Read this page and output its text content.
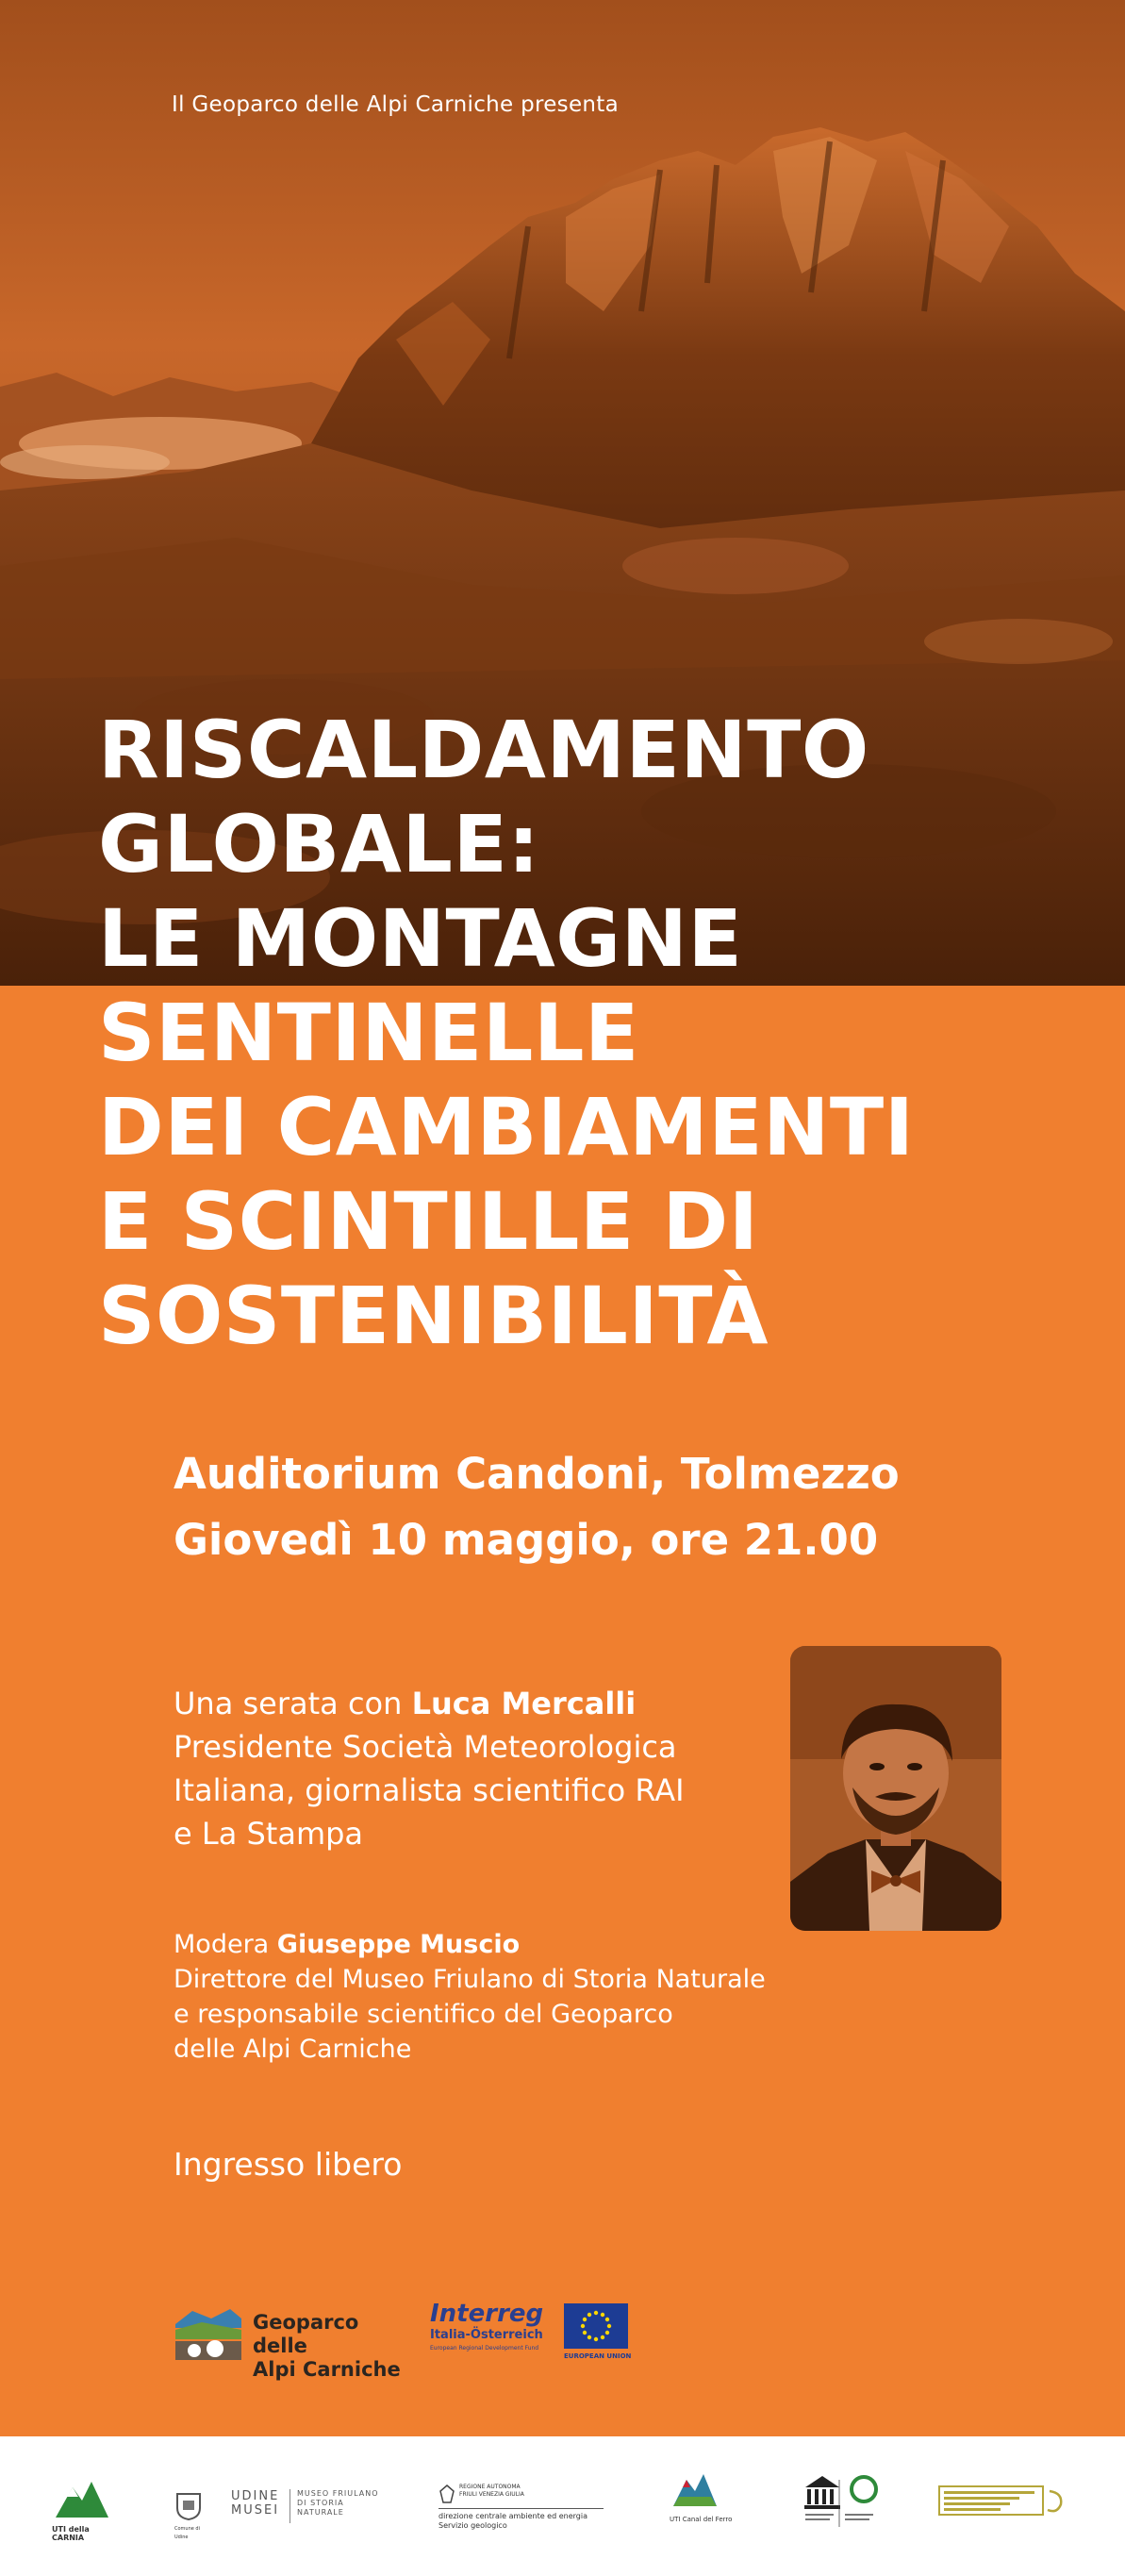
Il Geoparco delle Alpi Carniche presenta
RISCALDAMENTO
GLOBALE:
LE MONTAGNE
SENTINELLE
DEI CAMBIAMENTI
E SCINTILLE DI
SOSTENIBILITÀ
Auditorium Candoni, Tolmezzo
Giovedì 10 maggio, ore 21.00
Una serata con Luca Mercalli
Presidente Società Meteorologica
Italiana, giornalista scientifico RAI
e La Stampa
Modera Giuseppe Muscio
Direttore del Museo Friulano di Storia Naturale
e responsabile scientifico del Geoparco
delle Alpi Carniche
Ingresso libero
Geoparco delle
Alpi Carniche
Interreg
Italia-Österreich
European Regional Development Fund
EUROPEAN UNION
UTI della CARNIA
Comune di Udine
UDINE MUSEI
MUSEO FRIULANO DI STORIA NATURALE
REGIONE AUTONOMA
FRIULI VENEZIA GIULIA
direzione centrale ambiente ed energia
Servizio geologico
UTI Canal del Ferro
